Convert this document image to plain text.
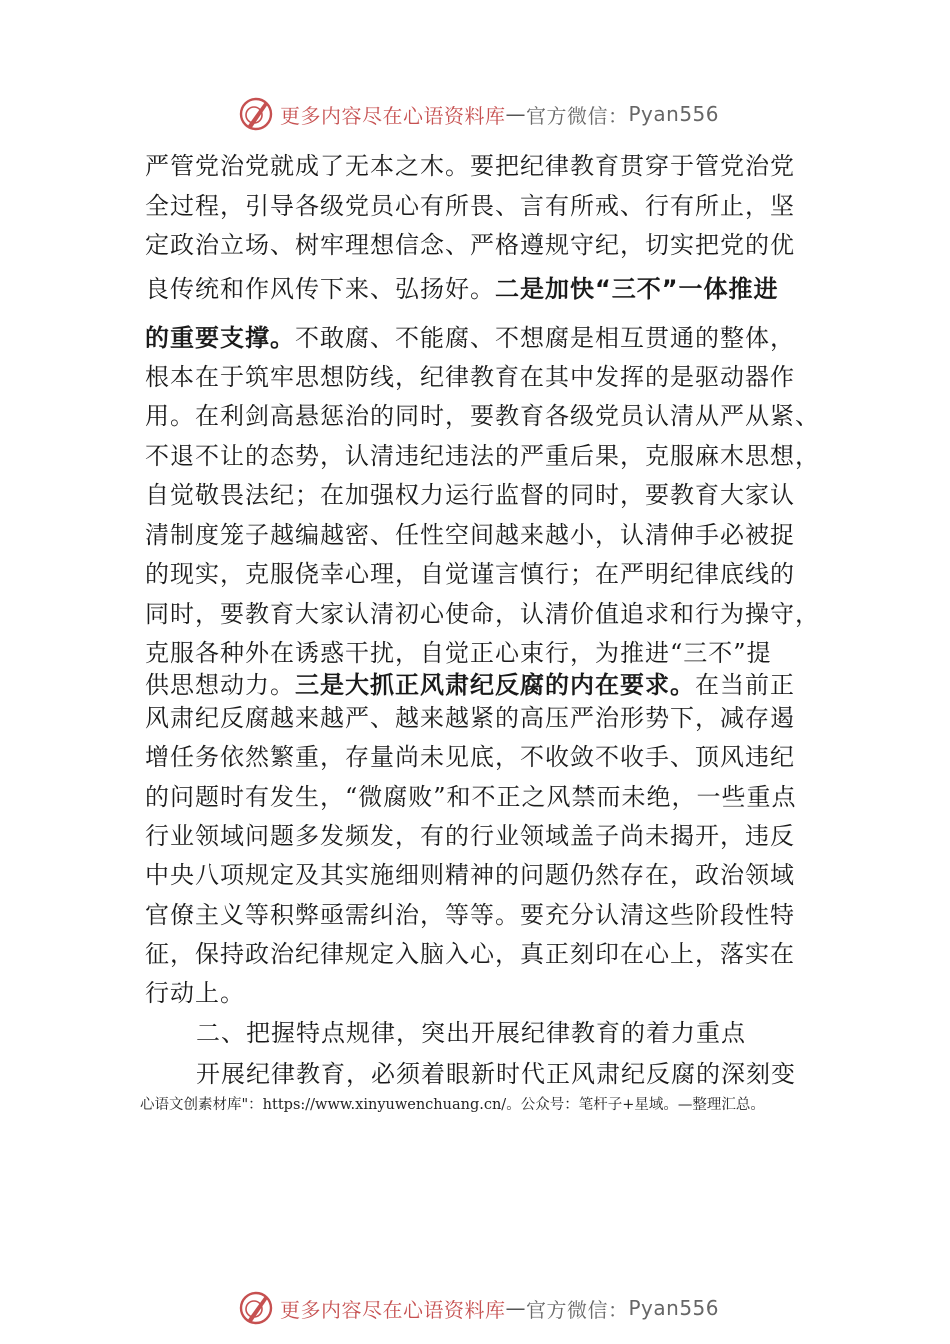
更多内容尽在心语资料库 — 官方微信： Pyan556
严管党治党就成了无本之木。要把纪律教育贯穿于管党治党
全过程，引导各级党员心有所畏、言有所戒、行有所止，坚
定政治立场、树牢理想信念、严格遵规守纪，切实把党的优
良传统和作风传下来、弘扬好。二是加快“三不”一体推进
的重要支撑。不敢腐、不能腐、不想腐是相互贯通的整体，
根本在于筑牢思想防线，纪律教育在其中发挥的是驱动器作
用。在利剑高悬惩治的同时，要教育各级党员认清从严从紧、
不退不让的态势，认清违纪违法的严重后果，克服麻木思想，
自觉敬畏法纪；在加强权力运行监督的同时，要教育大家认
清制度笼子越编越密、任性空间越来越小，认清伸手必被捉
的现实，克服侥幸心理，自觉谨言慎行；在严明纪律底线的
同时，要教育大家认清初心使命，认清价值追求和行为操守，
克服各种外在诱惑干扰，自觉正心束行，为推进“三不”提
供思想动力。三是大抓正风肃纪反腐的内在要求。在当前正
风肃纪反腐越来越严、越来越紧的高压严治形势下，减存遏
增任务依然繁重，存量尚未见底，不收敛不收手、顶风违纪
的问题时有发生，“微腐败”和不正之风禁而未绝，一些重点
行业领域问题多发频发，有的行业领域盖子尚未揭开，违反
中央八项规定及其实施细则精神的问题仍然存在，政治领域
官僚主义等积弊亟需纠治，等等。要充分认清这些阶段性特
征，保持政治纪律规定入脑入心，真正刻印在心上，落实在
行动上。
二、把握特点规律，突出开展纪律教育的着力重点
开展纪律教育，必须着眼新时代正风肃纪反腐的深刻变
心语文创素材库"：https://www.xinyuwenchuang.cn/。公众号：笔杆子+星域。—整理汇总。
更多内容尽在心语资料库 — 官方微信： Pyan556
